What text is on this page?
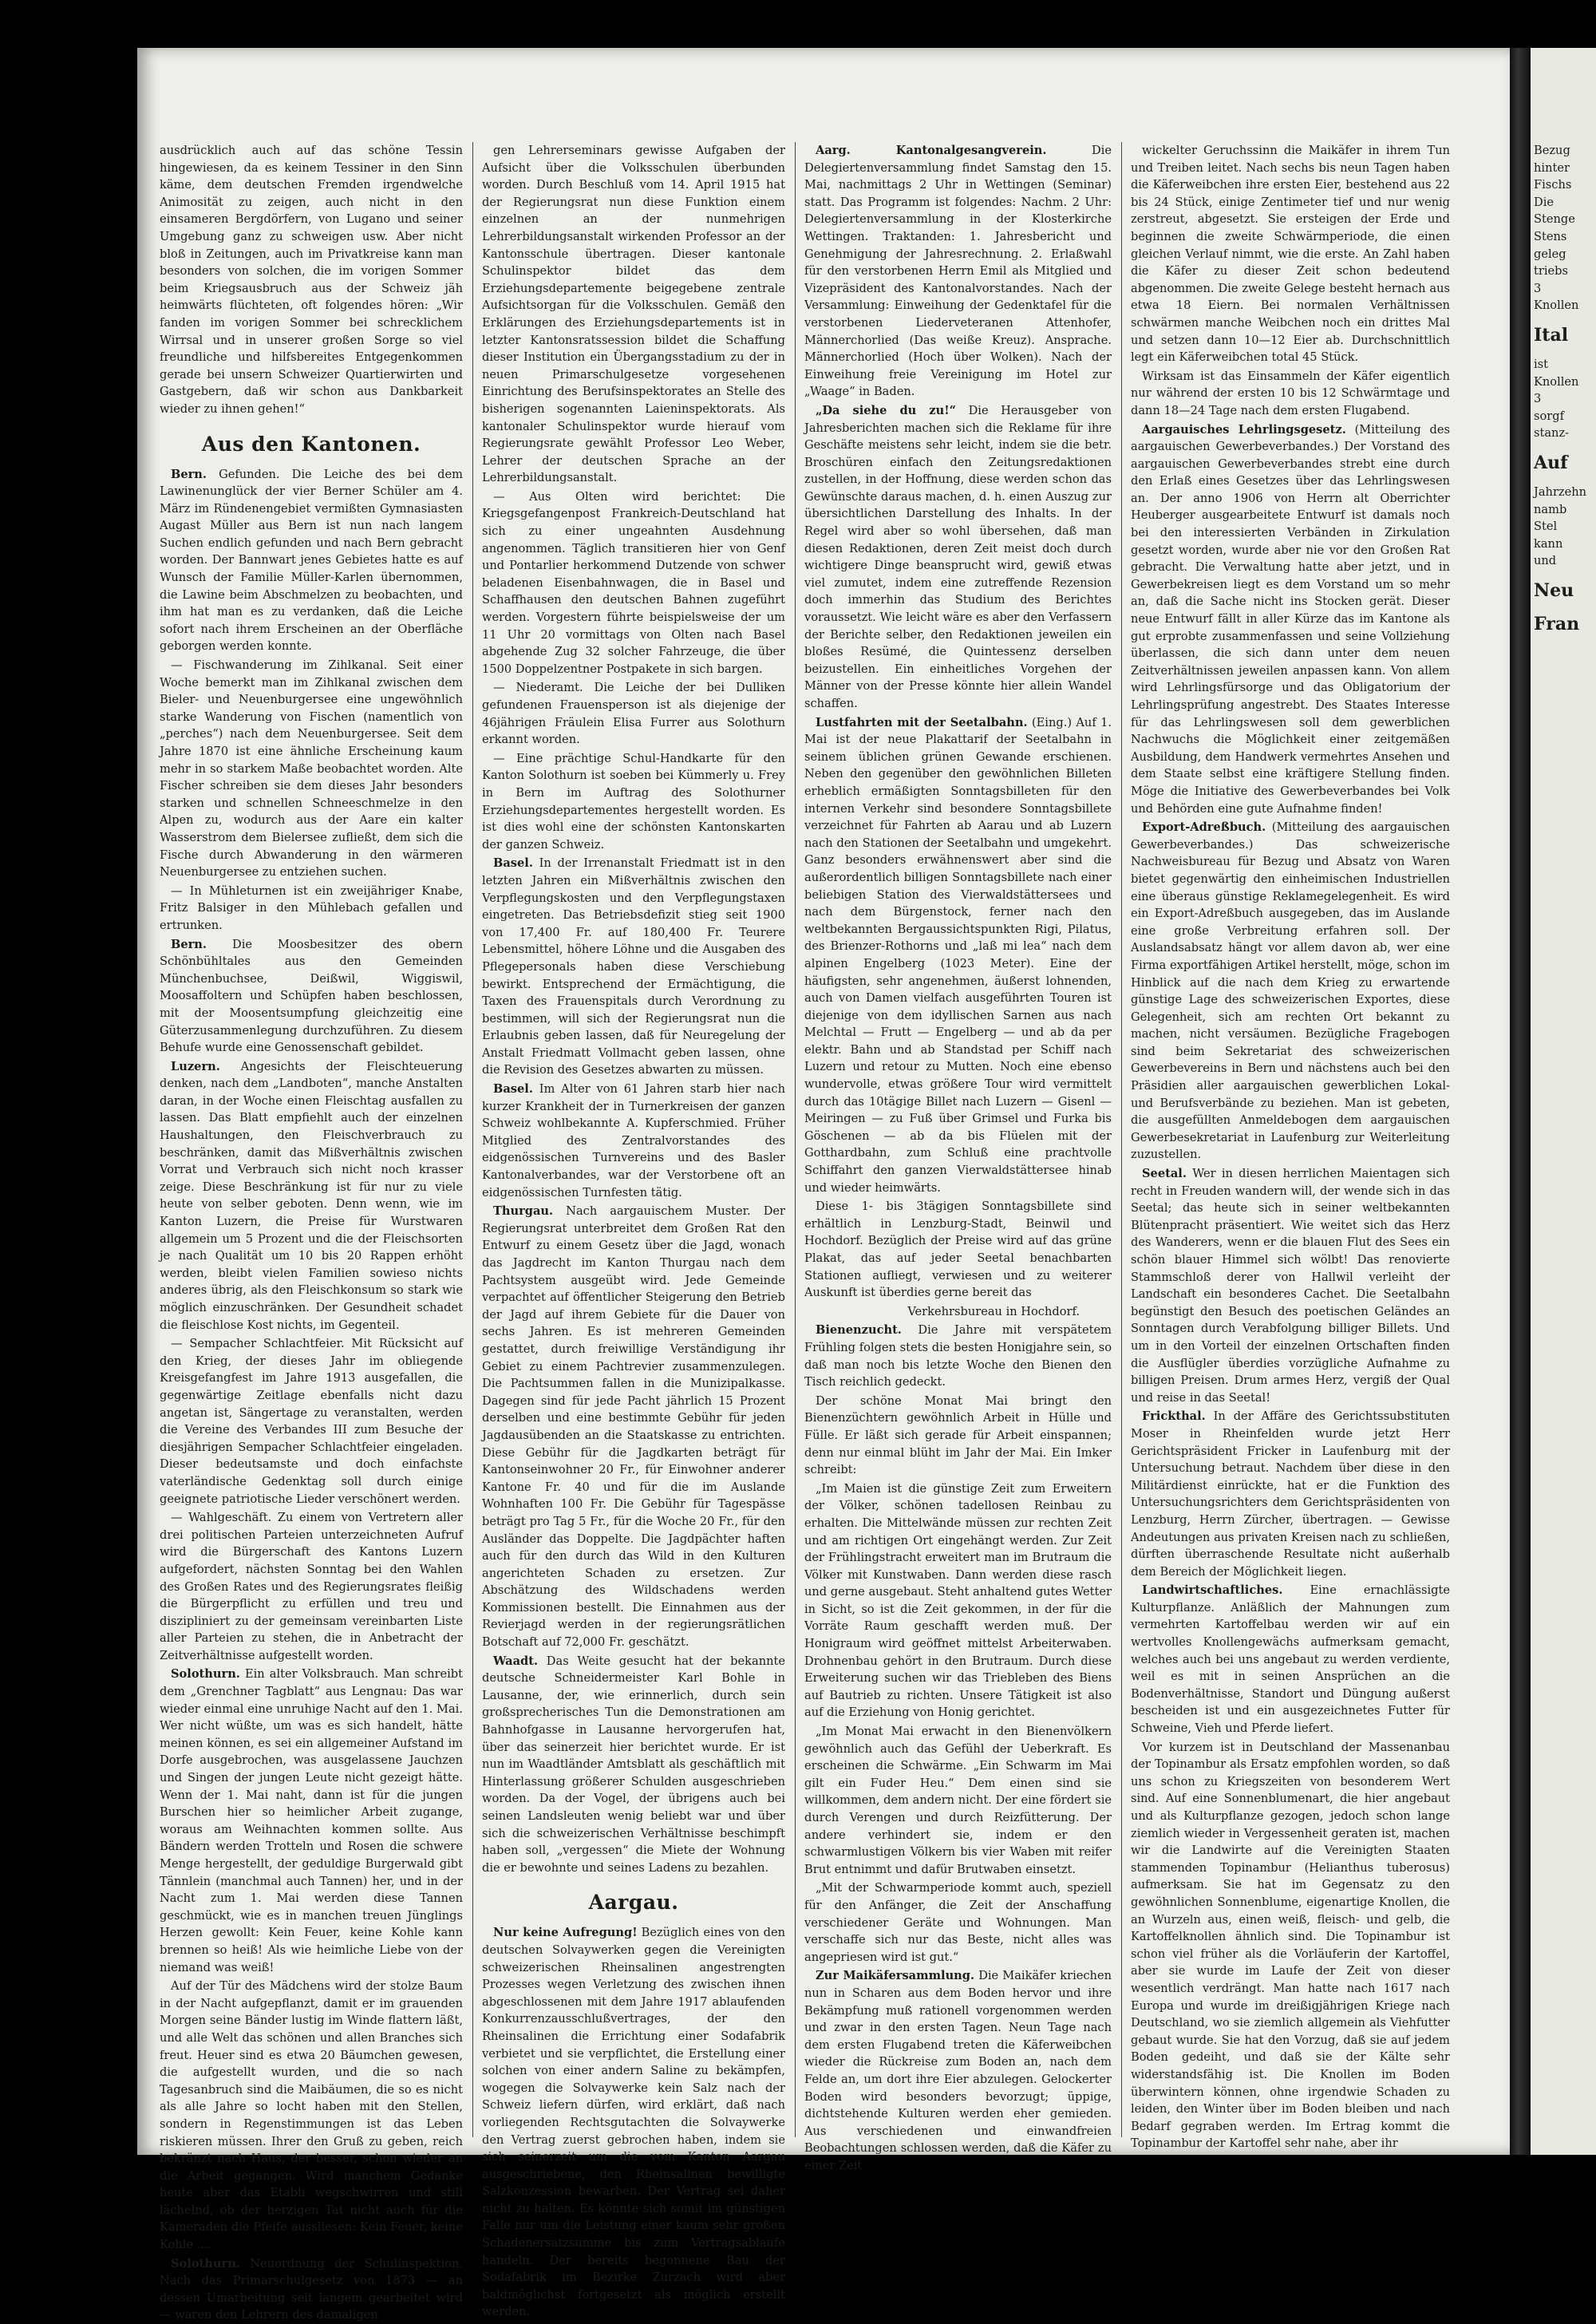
ausdrücklich auch auf das schöne Tessin hingewiesen, da es keinem Tessiner in den Sinn käme, dem deutschen Fremden irgendwelche Animosität zu zeigen, auch nicht in den einsameren Bergdörfern, von Lugano und seiner Umgebung ganz zu schweigen usw. Aber nicht bloß in Zeitungen, auch im Privatkreise kann man besonders von solchen, die im vorigen Sommer beim Kriegsausbruch aus der Schweiz jäh heimwärts flüchteten, oft folgendes hören: „Wir fanden im vorigen Sommer bei schrecklichem Wirrsal und in unserer großen Sorge so viel freundliche und hilfsbereites Entgegenkommen gerade bei unsern Schweizer Quartierwirten und Gastgebern, daß wir schon aus Dankbarkeit wieder zu ihnen gehen!“

Aus den Kantonen.

Bern. Gefunden. Die Leiche des bei dem Lawinenunglück der vier Berner Schüler am 4. März im Ründenengebiet vermißten Gymnasiasten Augast Müller aus Bern ist nun nach langem Suchen endlich gefunden und nach Bern gebracht worden. Der Bannwart jenes Gebietes hatte es auf Wunsch der Familie Müller-Karlen übernommen, die Lawine beim Abschmelzen zu beobachten, und ihm hat man es zu verdanken, daß die Leiche sofort nach ihrem Erscheinen an der Oberfläche geborgen werden konnte.

— Fischwanderung im Zihlkanal. Seit einer Woche bemerkt man im Zihlkanal zwischen dem Bieler- und Neuenburgersee eine ungewöhnlich starke Wanderung von Fischen (namentlich von „perches“) nach dem Neuenburgersee. Seit dem Jahre 1870 ist eine ähnliche Erscheinung kaum mehr in so starkem Maße beobachtet worden. Alte Fischer schreiben sie dem dieses Jahr besonders starken und schnellen Schneeschmelze in den Alpen zu, wodurch aus der Aare ein kalter Wasserstrom dem Bielersee zufließt, dem sich die Fische durch Abwanderung in den wärmeren Neuenburgersee zu entziehen suchen.

— In Mühleturnen ist ein zweijähriger Knabe, Fritz Balsiger in den Mühlebach gefallen und ertrunken.

Bern. Die Moosbesitzer des obern Schönbühltales aus den Gemeinden Münchenbuchsee, Deißwil, Wiggiswil, Moosaffoltern und Schüpfen haben beschlossen, mit der Moosentsumpfung gleichzeitig eine Güterzusammenlegung durchzuführen. Zu diesem Behufe wurde eine Genossenschaft gebildet.

Luzern. Angesichts der Fleischteuerung denken, nach dem „Landboten“, manche Anstalten daran, in der Woche einen Fleischtag ausfallen zu lassen. Das Blatt empfiehlt auch der einzelnen Haushaltungen, den Fleischverbrauch zu beschränken, damit das Mißverhältnis zwischen Vorrat und Verbrauch sich nicht noch krasser zeige. Diese Beschränkung ist für nur zu viele heute von selber geboten. Denn wenn, wie im Kanton Luzern, die Preise für Wurstwaren allgemein um 5 Prozent und die der Fleischsorten je nach Qualität um 10 bis 20 Rappen erhöht werden, bleibt vielen Familien sowieso nichts anderes übrig, als den Fleischkonsum so stark wie möglich einzuschränken. Der Gesundheit schadet die fleischlose Kost nichts, im Gegenteil.

— Sempacher Schlachtfeier. Mit Rücksicht auf den Krieg, der dieses Jahr im obliegende Kreisgefangfest im Jahre 1913 ausgefallen, die gegenwärtige Zeitlage ebenfalls nicht dazu angetan ist, Sängertage zu veranstalten, werden die Vereine des Verbandes III zum Besuche der diesjährigen Sempacher Schlachtfeier eingeladen. Dieser bedeutsamste und doch einfachste vaterländische Gedenktag soll durch einige geeignete patriotische Lieder verschönert werden.

— Wahlgeschäft. Zu einem von Vertretern aller drei politischen Parteien unterzeichneten Aufruf wird die Bürgerschaft des Kantons Luzern aufgefordert, nächsten Sonntag bei den Wahlen des Großen Rates und des Regierungsrates fleißig die Bürgerpflicht zu erfüllen und treu und diszipliniert zu der gemeinsam vereinbarten Liste aller Parteien zu stehen, die in Anbetracht der Zeitverhältnisse aufgestellt worden.

Solothurn. Ein alter Volksbrauch. Man schreibt dem „Grenchner Tagblatt“ aus Lengnau: Das war wieder einmal eine unruhige Nacht auf den 1. Mai. Wer nicht wüßte, um was es sich handelt, hätte meinen können, es sei ein allgemeiner Aufstand im Dorfe ausgebrochen, was ausgelassene Jauchzen und Singen der jungen Leute nicht gezeigt hätte. Wenn der 1. Mai naht, dann ist für die jungen Burschen hier so heimlicher Arbeit zugange, woraus am Weihnachten kommen sollte. Aus Bändern werden Trotteln und Rosen die schwere Menge hergestellt, der geduldige Burgerwald gibt Tännlein (manchmal auch Tannen) her, und in der Nacht zum 1. Mai werden diese Tannen geschmückt, wie es in manchen treuen Jünglings Herzen gewollt: Kein Feuer, keine Kohle kann brennen so heiß! Als wie heimliche Liebe von der niemand was weiß!

Auf der Tür des Mädchens wird der stolze Baum in der Nacht aufgepflanzt, damit er im grauenden Morgen seine Bänder lustig im Winde flattern läßt, und alle Welt das schönen und allen Branches sich freut. Heuer sind es etwa 20 Bäumchen gewesen, die aufgestellt wurden, und die so nach Tagesanbruch sind die Maibäumen, die so es nicht als alle Jahre so locht haben mit den Stellen, sondern in Regenstimmungen ist das Leben riskieren müssen. Ihrer den Gruß zu geben, reich bekränzt nach Haus, der besser, schon wieder an die Arbeit gegangen. Wird manchem Gedanke heute aber das Etabli wegschwirren und still lächelnd, ob der herzigen Tat nicht auch für die Kameraden die Pfeife aussliesen: Kein Feuer, keine Kohle ....

Solothurn. Neuordnung der Schulinspektion. Nach das Primarschulgesetz von 1873 — an dessen Umarbeitung seit langem gearbeitet wird — waren den Lehrern des damaligen

gen Lehrerseminars gewisse Aufgaben der Aufsicht über die Volksschulen überbunden worden. Durch Beschluß vom 14. April 1915 hat der Regierungsrat nun diese Funktion einem einzelnen an der nunmehrigen Lehrerbildungsanstalt wirkenden Professor an der Kantonsschule übertragen. Dieser kantonale Schulinspektor bildet das dem Erziehungsdepartemente beigegebene zentrale Aufsichtsorgan für die Volksschulen. Gemäß den Erklärungen des Erziehungsdepartements ist in letzter Kantonsratssession bildet die Schaffung dieser Institution ein Übergangsstadium zu der in neuen Primarschulgesetze vorgesehenen Einrichtung des Berufsinspektorates an Stelle des bisherigen sogenannten Laieninspektorats. Als kantonaler Schulinspektor wurde hierauf vom Regierungsrate gewählt Professor Leo Weber, Lehrer der deutschen Sprache an der Lehrerbildungsanstalt.

— Aus Olten wird berichtet: Die Kriegsgefangenpost Frankreich-Deutschland hat sich zu einer ungeahnten Ausdehnung angenommen. Täglich transitieren hier von Genf und Pontarlier herkommend Dutzende von schwer beladenen Eisenbahnwagen, die in Basel und Schaffhausen den deutschen Bahnen zugeführt werden. Vorgestern führte beispielsweise der um 11 Uhr 20 vormittags von Olten nach Basel abgehende Zug 32 solcher Fahrzeuge, die über 1500 Doppelzentner Postpakete in sich bargen.

— Niederamt. Die Leiche der bei Dulliken gefundenen Frauensperson ist als diejenige der 46jährigen Fräulein Elisa Furrer aus Solothurn erkannt worden.

— Eine prächtige Schul-Handkarte für den Kanton Solothurn ist soeben bei Kümmerly u. Frey in Bern im Auftrag des Solothurner Erziehungsdepartementes hergestellt worden. Es ist dies wohl eine der schönsten Kantonskarten der ganzen Schweiz.

Basel. In der Irrenanstalt Friedmatt ist in den letzten Jahren ein Mißverhältnis zwischen den Verpflegungskosten und den Verpflegungstaxen eingetreten. Das Betriebsdefizit stieg seit 1900 von 17,400 Fr. auf 180,400 Fr. Teurere Lebensmittel, höhere Löhne und die Ausgaben des Pflegepersonals haben diese Verschiebung bewirkt. Entsprechend der Ermächtigung, die Taxen des Frauenspitals durch Verordnung zu bestimmen, will sich der Regierungsrat nun die Erlaubnis geben lassen, daß für Neuregelung der Anstalt Friedmatt Vollmacht geben lassen, ohne die Revision des Gesetzes abwarten zu müssen.

Basel. Im Alter von 61 Jahren starb hier nach kurzer Krankheit der in Turnerkreisen der ganzen Schweiz wohlbekannte A. Kupferschmied. Früher Mitglied des Zentralvorstandes des eidgenössischen Turnvereins und des Basler Kantonalverbandes, war der Verstorbene oft an eidgenössischen Turnfesten tätig.

Thurgau. Nach aargauischem Muster. Der Regierungsrat unterbreitet dem Großen Rat den Entwurf zu einem Gesetz über die Jagd, wonach das Jagdrecht im Kanton Thurgau nach dem Pachtsystem ausgeübt wird. Jede Gemeinde verpachtet auf öffentlicher Steigerung den Betrieb der Jagd auf ihrem Gebiete für die Dauer von sechs Jahren. Es ist mehreren Gemeinden gestattet, durch freiwillige Verständigung ihr Gebiet zu einem Pachtrevier zusammenzulegen. Die Pachtsummen fallen in die Munizipalkasse. Dagegen sind für jede Pacht jährlich 15 Prozent derselben und eine bestimmte Gebühr für jeden Jagdausübenden an die Staatskasse zu entrichten. Diese Gebühr für die Jagdkarten beträgt für Kantonseinwohner 20 Fr., für Einwohner anderer Kantone Fr. 40 und für die im Auslande Wohnhaften 100 Fr. Die Gebühr für Tagespässe beträgt pro Tag 5 Fr., für die Woche 20 Fr., für den Ausländer das Doppelte. Die Jagdpächter haften auch für den durch das Wild in den Kulturen angerichteten Schaden zu ersetzen. Zur Abschätzung des Wildschadens werden Kommissionen bestellt. Die Einnahmen aus der Revierjagd werden in der regierungsrätlichen Botschaft auf 72,000 Fr. geschätzt.

Waadt. Das Weite gesucht hat der bekannte deutsche Schneidermeister Karl Bohle in Lausanne, der, wie erinnerlich, durch sein großsprecherisches Tun die Demonstrationen am Bahnhofgasse in Lausanne hervorgerufen hat, über das seinerzeit hier berichtet wurde. Er ist nun im Waadtländer Amtsblatt als geschäftlich mit Hinterlassung größerer Schulden ausgeschrieben worden. Da der Vogel, der übrigens auch bei seinen Landsleuten wenig beliebt war und über sich die schweizerischen Verhältnisse beschimpft haben soll, „vergessen“ die Miete der Wohnung die er bewohnte und seines Ladens zu bezahlen.

Aargau.

Nur keine Aufregung! Bezüglich eines von den deutschen Solvaywerken gegen die Vereinigten schweizerischen Rheinsalinen angestrengten Prozesses wegen Verletzung des zwischen ihnen abgeschlossenen mit dem Jahre 1917 ablaufenden Konkurrenzausschlußvertrages, der den Rheinsalinen die Errichtung einer Sodafabrik verbietet und sie verpflichtet, die Erstellung einer solchen von einer andern Saline zu bekämpfen, wogegen die Solvaywerke kein Salz nach der Schweiz liefern dürfen, wird erklärt, daß nach vorliegenden Rechtsgutachten die Solvaywerke den Vertrag zuerst gebrochen haben, indem sie sich seinerzeit um die vom Kanton Aargau ausgeschriebene, den Rheinsalinen bewilligte Salzkonzession bewarben. Der Vertrag sei daher nicht zu halten. Es könnte sich somit im günstigen Falle nur um die Leistung einer kaum sehr großen Schadenersatzsumme bis zum Vertragsablaufe handeln. Der bereits begonnene Bau der Sodafabrik im Bezirke Zurzach wird aber baldmöglichst fortgesetzt als möglich erstellt werden.

Aarg. Kantonalgesangverein.	Die Delegiertenversammlung findet Samstag den 15. Mai, nachmittags 2 Uhr in Wettingen (Seminar) statt. Das Programm ist folgendes: Nachm. 2 Uhr: Delegiertenversammlung in der Klosterkirche Wettingen. Traktanden: 1. Jahresbericht und Genehmigung der Jahresrechnung. 2. Erlaßwahl für den verstorbenen Herrn Emil als Mitglied und Vizepräsident des Kantonalvorstandes. Nach der Versammlung: Einweihung der Gedenktafel für die verstorbenen Liederveteranen Attenhofer, Männerchorlied (Das weiße Kreuz). Ansprache. Männerchorlied (Hoch über Wolken). Nach der Einweihung freie Vereinigung im Hotel zur „Waage“ in Baden.

„Da siehe du zu!“ Die Herausgeber von Jahresberichten machen sich die Reklame für ihre Geschäfte meistens sehr leicht, indem sie die betr. Broschüren einfach den Zeitungsredaktionen zustellen, in der Hoffnung, diese werden schon das Gewünschte daraus machen, d. h. einen Auszug zur übersichtlichen Darstellung des Inhalts. In der Regel wird aber so wohl übersehen, daß man diesen Redaktionen, deren Zeit meist doch durch wichtigere Dinge beansprucht wird, gewiß etwas viel zumutet, indem eine zutreffende Rezension doch immerhin das Studium des Berichtes voraussetzt. Wie leicht wäre es aber den Verfassern der Berichte selber, den Redaktionen jeweilen ein bloßes Resümé, die Quintessenz derselben beizustellen. Ein einheitliches Vorgehen der Männer von der Presse könnte hier allein Wandel schaffen.

Lustfahrten mit der Seetalbahn. (Eing.) Auf 1. Mai ist der neue Plakattarif der Seetalbahn in seinem üblichen grünen Gewande erschienen. Neben den gegenüber den gewöhnlichen Billeten erheblich ermäßigten Sonntagsbilleten für den internen Verkehr sind besondere Sonntagsbillete verzeichnet für Fahrten ab Aarau und ab Luzern nach den Stationen der Seetalbahn und umgekehrt. Ganz besonders erwähnenswert aber sind die außerordentlich billigen Sonntagsbillete nach einer beliebigen Station des Vierwaldstättersees und nach dem Bürgenstock, ferner nach den weltbekannten Bergaussichtspunkten Rigi, Pilatus, des Brienzer-Rothorns und „laß mi lea“ nach dem alpinen Engelberg (1023 Meter). Eine der häufigsten, sehr angenehmen, äußerst lohnenden, auch von Damen vielfach ausgeführten Touren ist diejenige von dem idyllischen Sarnen aus nach Melchtal — Frutt — Engelberg — und ab da per elektr. Bahn und ab Standstad per Schiff nach Luzern und retour zu Mutten. Noch eine ebenso wundervolle, etwas größere Tour wird vermittelt durch das 10tägige Billet nach Luzern — Gisenl — Meiringen — zu Fuß über Grimsel und Furka bis Göschenen — ab da bis Flüelen mit der Gotthardbahn, zum Schluß eine prachtvolle Schiffahrt den ganzen Vierwaldstättersee hinab und wieder heimwärts.

Diese 1- bis 3tägigen Sonntagsbillete sind erhältlich in Lenzburg-Stadt, Beinwil und Hochdorf. Bezüglich der Preise wird auf das grüne Plakat, das auf jeder Seetal benachbarten Stationen aufliegt, verwiesen und zu weiterer Auskunft ist überdies gerne bereit das

Verkehrsbureau in Hochdorf.

Bienenzucht. Die Jahre mit verspätetem Frühling folgen stets die besten Honigjahre sein, so daß man noch bis letzte Woche den Bienen den Tisch reichlich gedeckt.

Der schöne Monat Mai bringt den Bienenzüchtern gewöhnlich Arbeit in Hülle und Fülle. Er läßt sich gerade für Arbeit einspannen; denn nur einmal blüht im Jahr der Mai. Ein Imker schreibt:

„Im Maien ist die günstige Zeit zum Erweitern der Völker, schönen tadellosen Reinbau zu erhalten. Die Mittelwände müssen zur rechten Zeit und am richtigen Ort eingehängt werden. Zur Zeit der Frühlingstracht erweitert man im Brutraum die Völker mit Kunstwaben. Dann werden diese rasch und gerne ausgebaut. Steht anhaltend gutes Wetter in Sicht, so ist die Zeit gekommen, in der für die Vorräte Raum geschafft werden muß. Der Honigraum wird geöffnet mittelst Arbeiterwaben. Drohnenbau gehört in den Brutraum. Durch diese Erweiterung suchen wir das Triebleben des Biens auf Bautrieb zu richten. Unsere Tätigkeit ist also auf die Erziehung von Honig gerichtet.

„Im Monat Mai erwacht in den Bienenvölkern gewöhnlich auch das Gefühl der Ueberkraft. Es erscheinen die Schwärme. „Ein Schwarm im Mai gilt ein Fuder Heu.“ Dem einen sind sie willkommen, dem andern nicht. Der eine fördert sie durch Verengen und durch Reizfütterung. Der andere verhindert sie, indem er den schwarmlustigen Völkern bis vier Waben mit reifer Brut entnimmt und dafür Brutwaben einsetzt.

„Mit der Schwarmperiode kommt auch, speziell für den Anfänger, die Zeit der Anschaffung verschiedener Geräte und Wohnungen. Man verschaffe sich nur das Beste, nicht alles was angepriesen wird ist gut.“

Zur Maikäfersammlung. Die Maikäfer kriechen nun in Scharen aus dem Boden hervor und ihre Bekämpfung muß rationell vorgenommen werden und zwar in den ersten Tagen. Neun Tage nach dem ersten Flugabend treten die Käferweibchen wieder die Rückreise zum Boden an, nach dem Felde an, um dort ihre Eier abzulegen. Gelockerter Boden wird besonders bevorzugt; üppige, dichtstehende Kulturen werden eher gemieden. Aus verschiedenen und einwandfreien Beobachtungen schlossen werden, daß die Käfer zu einer Zeit

wickelter Geruchssinn die Maikäfer in ihrem Tun und Treiben leitet. Nach sechs bis neun Tagen haben die Käferweibchen ihre ersten Eier, bestehend aus 22 bis 24 Stück, einige Zentimeter tief und nur wenig zerstreut, abgesetzt. Sie ersteigen der Erde und beginnen die zweite Schwärmperiode, die einen gleichen Verlauf nimmt, wie die erste. An Zahl haben die Käfer zu dieser Zeit schon bedeutend abgenommen. Die zweite Gelege besteht hernach aus etwa 18 Eiern. Bei normalen Verhältnissen schwärmen manche Weibchen noch ein drittes Mal und setzen dann 10—12 Eier ab. Durchschnittlich legt ein Käferweibchen total 45 Stück.

Wirksam ist das Einsammeln der Käfer eigentlich nur während der ersten 10 bis 12 Schwärmtage und dann 18—24 Tage nach dem ersten Flugabend.

Aargauisches Lehrlingsgesetz. (Mitteilung des aargauischen Gewerbeverbandes.) Der Vorstand des aargauischen Gewerbeverbandes strebt eine durch den Erlaß eines Gesetzes über das Lehrlingswesen an. Der anno 1906 von Herrn alt Oberrichter Heuberger ausgearbeitete Entwurf ist damals noch bei den interessierten Verbänden in Zirkulation gesetzt worden, wurde aber nie vor den Großen Rat gebracht. Die Verwaltung hatte aber jetzt, und in Gewerbekreisen liegt es dem Vorstand um so mehr an, daß die Sache nicht ins Stocken gerät. Dieser neue Entwurf fällt in aller Kürze das im Kantone als gut erprobte zusammenfassen und seine Vollziehung überlassen, die sich dann unter dem neuen Zeitverhältnissen jeweilen anpassen kann. Von allem wird Lehrlingsfürsorge und das Obligatorium der Lehrlingsprüfung angestrebt. Des Staates Interesse für das Lehrlingswesen soll dem gewerblichen Nachwuchs die Möglichkeit einer zeitgemäßen Ausbildung, dem Handwerk vermehrtes Ansehen und dem Staate selbst eine kräftigere Stellung finden. Möge die Initiative des Gewerbeverbandes bei Volk und Behörden eine gute Aufnahme finden!

Export-Adreßbuch. (Mitteilung des aargauischen Gewerbeverbandes.) Das schweizerische Nachweisbureau für Bezug und Absatz von Waren bietet gegenwärtig den einheimischen Industriellen eine überaus günstige Reklamegelegenheit. Es wird ein Export-Adreßbuch ausgegeben, das im Auslande eine große Verbreitung erfahren soll. Der Auslandsabsatz hängt vor allem davon ab, wer eine Firma exportfähigen Artikel herstellt, möge, schon im Hinblick auf die nach dem Krieg zu erwartende günstige Lage des schweizerischen Exportes, diese Gelegenheit, sich am rechten Ort bekannt zu machen, nicht versäumen. Bezügliche Fragebogen sind beim Sekretariat des schweizerischen Gewerbevereins in Bern und nächstens auch bei den Präsidien aller aargauischen gewerblichen Lokal- und Berufsverbände zu beziehen. Man ist gebeten, die ausgefüllten Anmeldebogen dem aargauischen Gewerbesekretariat in Laufenburg zur Weiterleitung zuzustellen.

Seetal. Wer in diesen herrlichen Maientagen sich recht in Freuden wandern will, der wende sich in das Seetal; das heute sich in seiner weltbekannten Blütenpracht präsentiert. Wie weitet sich das Herz des Wanderers, wenn er die blauen Flut des Sees ein schön blauer Himmel sich wölbt! Das renovierte Stammschloß derer von Hallwil verleiht der Landschaft ein besonderes Cachet. Die Seetalbahn begünstigt den Besuch des poetischen Geländes an Sonntagen durch Verabfolgung billiger Billets. Und um in den Vorteil der einzelnen Ortschaften finden die Ausflügler überdies vorzügliche Aufnahme zu billigen Preisen. Drum armes Herz, vergiß der Qual und reise in das Seetal!

Frickthal. In der Affäre des Gerichtssubstituten Moser in Rheinfelden wurde jetzt Herr Gerichtspräsident Fricker in Laufenburg mit der Untersuchung betraut. Nachdem über diese in den Militärdienst einrückte, hat er die Funktion des Untersuchungsrichters dem Gerichtspräsidenten von Lenzburg, Herrn Zürcher, übertragen. — Gewisse Andeutungen aus privaten Kreisen nach zu schließen, dürften überraschende Resultate nicht außerhalb dem Bereich der Möglichkeit liegen.

Landwirtschaftliches. Eine ernachlässigte Kulturpflanze. Anläßlich der Mahnungen zum vermehrten Kartoffelbau werden wir auf ein wertvolles Knollengewächs aufmerksam gemacht, welches auch bei uns angebaut zu werden verdiente, weil es mit in seinen Ansprüchen an die Bodenverhältnisse, Standort und Düngung außerst bescheiden ist und ein ausgezeichnetes Futter für Schweine, Vieh und Pferde liefert.

Vor kurzem ist in Deutschland der Massenanbau der Topinambur als Ersatz empfohlen worden, so daß uns schon zu Kriegszeiten von besonderem Wert sind. Auf eine Sonnenblumenart, die hier angebaut und als Kulturpflanze gezogen, jedoch schon lange ziemlich wieder in Vergessenheit geraten ist, machen wir die Landwirte auf die Vereinigten Staaten stammenden Topinambur (Helianthus tuberosus) aufmerksam. Sie hat im Gegensatz zu den gewöhnlichen Sonnenblume, eigenartige Knollen, die an Wurzeln aus, einen weiß, fleisch- und gelb, die Kartoffelknollen ähnlich sind. Die Topinambur ist schon viel früher als die Vorläuferin der Kartoffel, aber sie wurde im Laufe der Zeit von dieser wesentlich verdrängt. Man hatte nach 1617 nach Europa und wurde im dreißigjährigen Kriege nach Deutschland, wo sie ziemlich allgemein als Viehfutter gebaut wurde. Sie hat den Vorzug, daß sie auf jedem Boden gedeiht, und daß sie der Kälte sehr widerstandsfähig ist. Die Knollen im Boden überwintern können, ohne irgendwie Schaden zu leiden, den Winter über im Boden bleiben und nach Bedarf gegraben werden. Im Ertrag kommt die Topinambur der Kartoffel sehr nahe, aber ihr

Bezug
hinter
Fischs
Die
Stenge
Stens
geleg
triebs
3
Knollen
Ital
ist
Knollen
3
sorgf
stanz-
Auf
Jahrzehn
namb
Stel
kann
und
Neu
Fran
